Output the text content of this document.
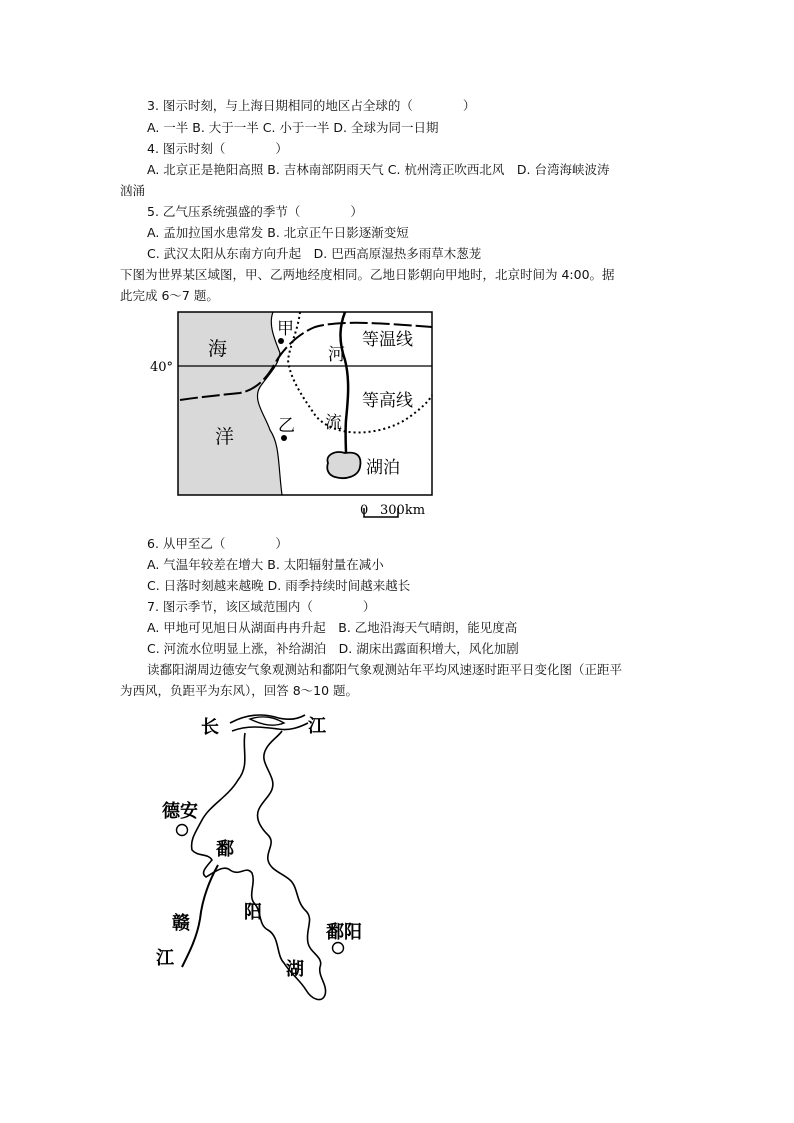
3. 图示时刻，与上海日期相同的地区占全球的（　　　　）
A. 一半 B. 大于一半 C. 小于一半 D. 全球为同一日期
4. 图示时刻（　　　　）
A. 北京正是艳阳高照 B. 吉林南部阴雨天气 C. 杭州湾正吹西北风　D. 台湾海峡波涛
汹涌
5. 乙气压系统强盛的季节（　　　　）
A. 孟加拉国水患常发 B. 北京正午日影逐渐变短
C. 武汉太阳从东南方向升起　D. 巴西高原湿热多雨草木葱茏
下图为世界某区域图，甲、乙两地经度相同。乙地日影朝向甲地时，北京时间为 4:00。据
此完成 6～7 题。
40°
海
洋
甲
乙
河
流
等温线
等高线
湖泊
0 300km
6. 从甲至乙（　　　　）
A. 气温年较差在增大 B. 太阳辐射量在减小
C. 日落时刻越来越晚 D. 雨季持续时间越来越长
7. 图示季节，该区域范围内（　　　　）
A. 甲地可见旭日从湖面冉冉升起　B. 乙地沿海天气晴朗，能见度高
C. 河流水位明显上涨，补给湖泊　D. 湖床出露面积增大，风化加剧
读鄱阳湖周边德安气象观测站和鄱阳气象观测站年平均风速逐时距平日变化图（正距平
为西风，负距平为东风），回答 8～10 题。
长	江
德安
鄱
阳
湖
鄱阳
赣
江
